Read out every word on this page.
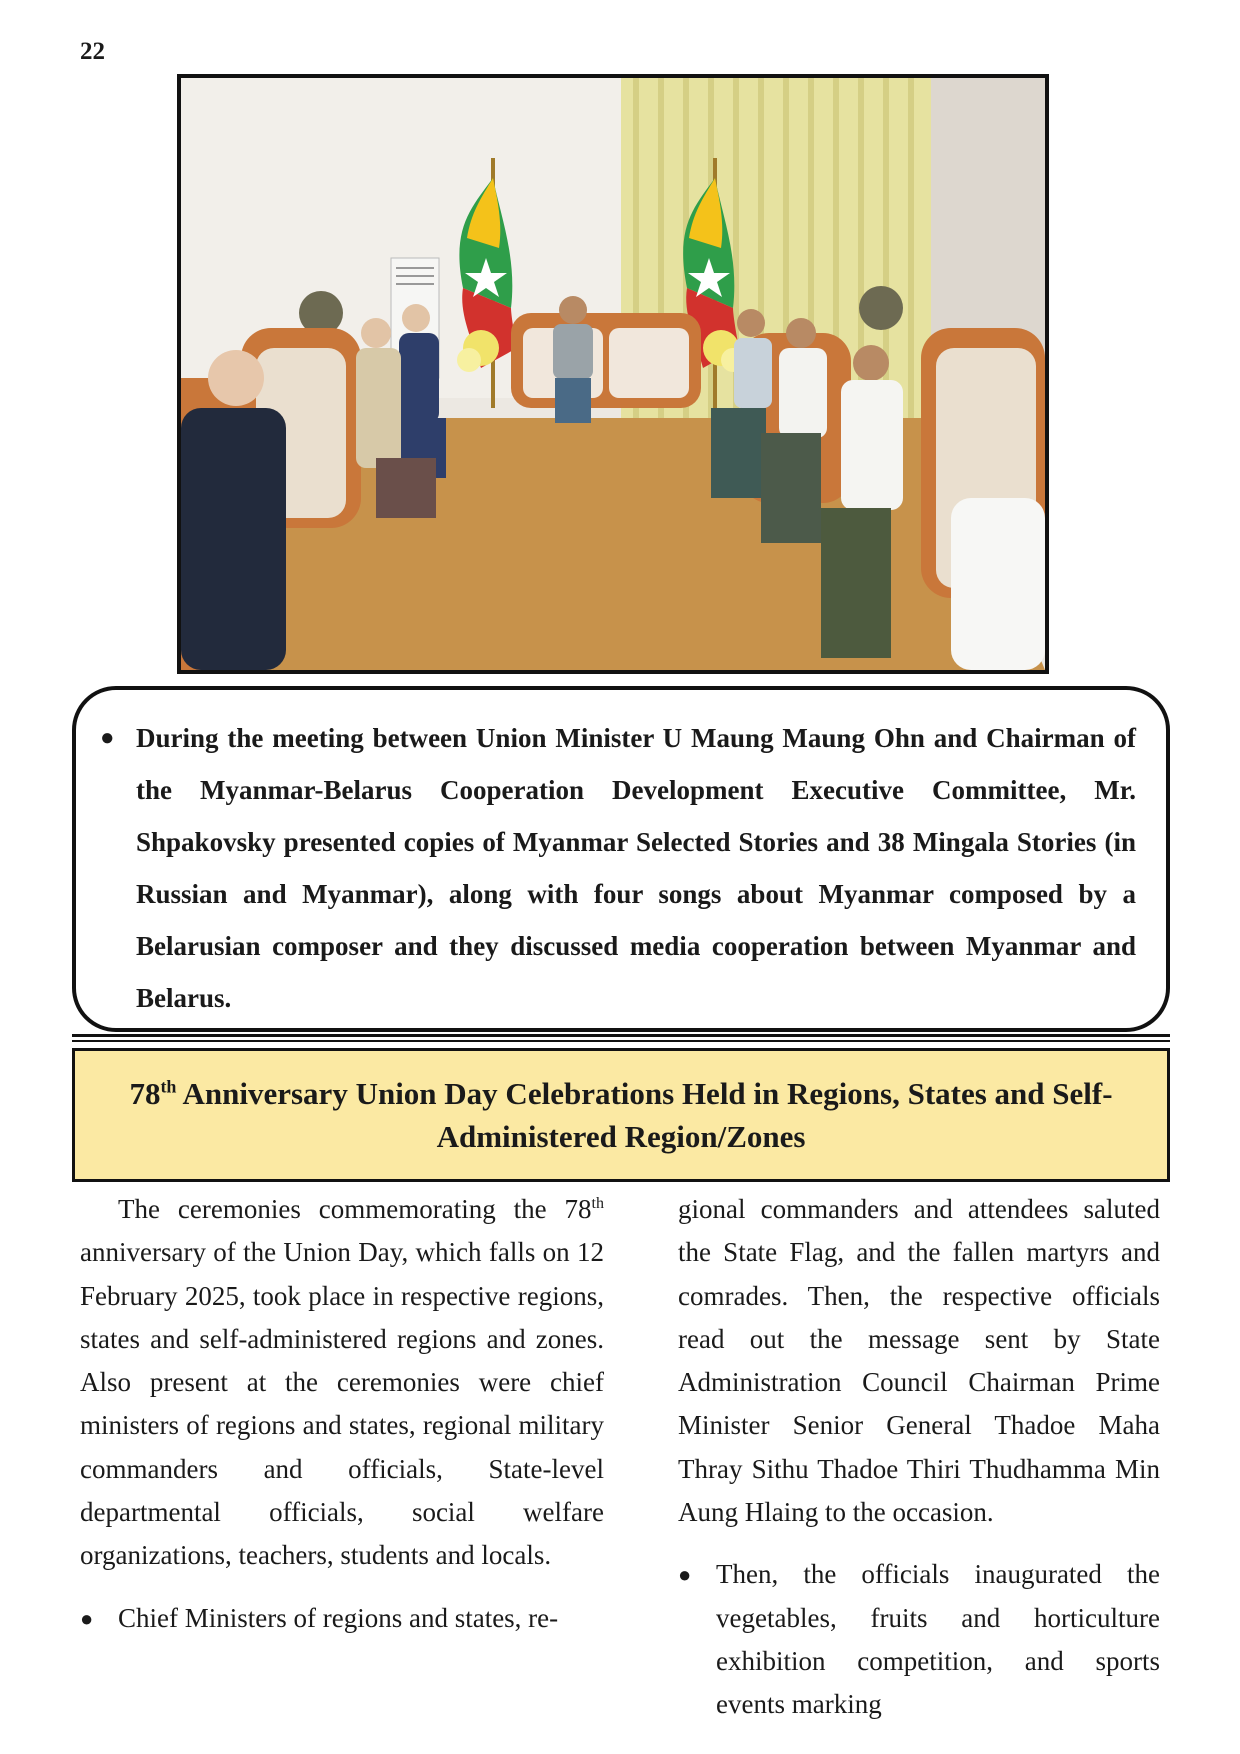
22
● During the meeting between Union Minister U Maung Maung Ohn and Chairman of the Myanmar-Belarus Cooperation Development Executive Committee, Mr. Shpakovsky presented copies of Myanmar Selected Stories and 38 Mingala Stories (in Russian and Myanmar), along with four songs about Myanmar composed by a Belarusian composer and they discussed media cooperation between Myanmar and Belarus.
78th Anniversary Union Day Celebrations Held in Regions, States and Self-Administered Region/Zones

The ceremonies commemorating the 78th anniversary of the Union Day, which falls on 12 February 2025, took place in respective regions, states and self-administered regions and zones. Also present at the ceremonies were chief ministers of regions and states, regional military commanders and officials, State-level departmental officials, social welfare organizations, teachers, students and locals.

● Chief Ministers of regions and states, re-

gional commanders and attendees saluted the State Flag, and the fallen martyrs and comrades. Then, the respective officials read out the message sent by State Administration Council Chairman Prime Minister Senior General Thadoe Maha Thray Sithu Thadoe Thiri Thudhamma Min Aung Hlaing to the occasion.

● Then, the officials inaugurated the vegetables, fruits and horticulture exhibition competition, and sports events marking
